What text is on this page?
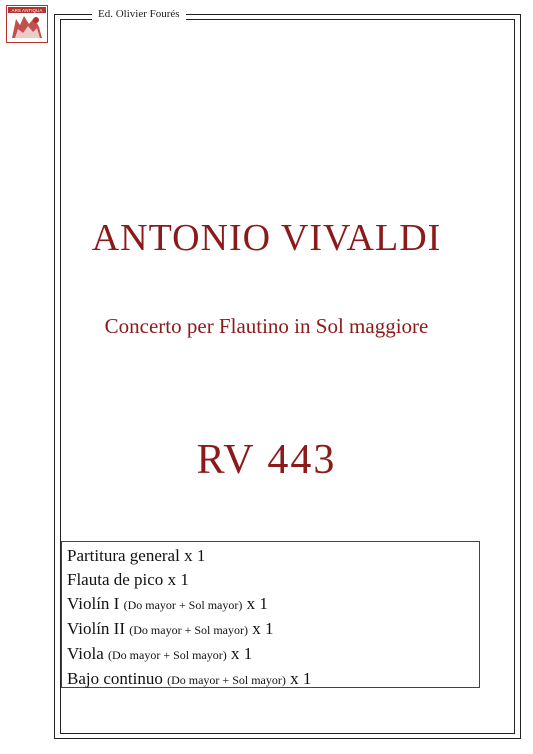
ARS ANTIQUA	Ed. Olivier Fourés
ANTONIO VIVALDI
Concerto per Flautino in Sol maggiore
RV 443
Partitura general x 1
Flauta de pico x 1
Violín I (Do mayor + Sol mayor) x 1
Violín II (Do mayor + Sol mayor) x 1
Viola (Do mayor + Sol mayor) x 1
Bajo continuo (Do mayor + Sol mayor) x 1
